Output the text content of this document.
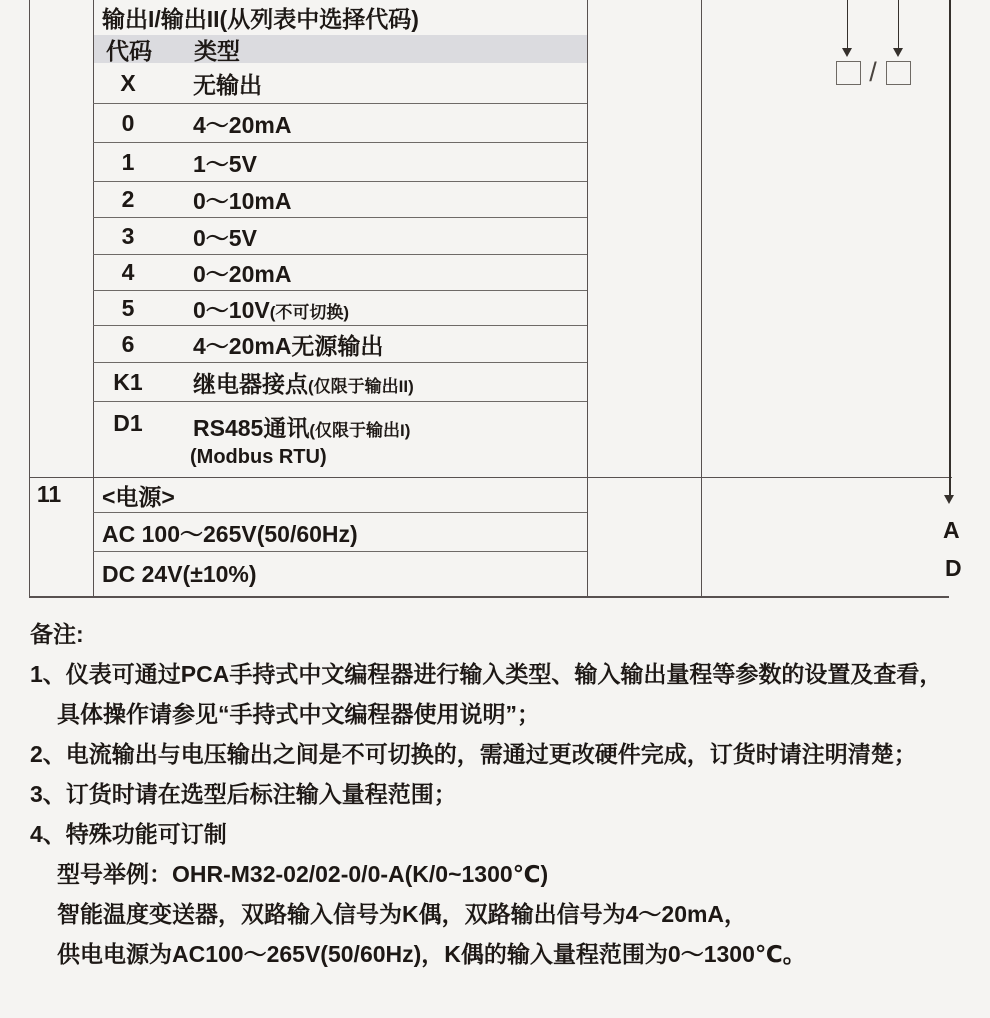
输出I/输出II(从列表中选择代码)
代码	类型
X	无输出
0	4～20mA
1	1～5V
2	0～10mA
3	0～5V
4	0～20mA
5	0～10V(不可切换)
6	4～20mA无源输出
K1	继电器接点(仅限于输出II)
D1	RS485通讯(仅限于输出I)
(Modbus RTU)
11	<电源>
AC 100～265V(50/60Hz)
DC 24V(±10%)
/
A
D
备注:
1、仪表可通过PCA手持式中文编程器进行输入类型、输入输出量程等参数的设置及查看，
具体操作请参见“手持式中文编程器使用说明”；
2、电流输出与电压输出之间是不可切换的，需通过更改硬件完成，订货时请注明清楚；
3、订货时请在选型后标注输入量程范围；
4、特殊功能可订制
型号举例：OHR-M32-02/02-0/0-A(K/0~1300℃)
智能温度变送器，双路输入信号为K偶，双路输出信号为4～20mA，
供电电源为AC100～265V(50/60Hz)，K偶的输入量程范围为0～1300℃。
